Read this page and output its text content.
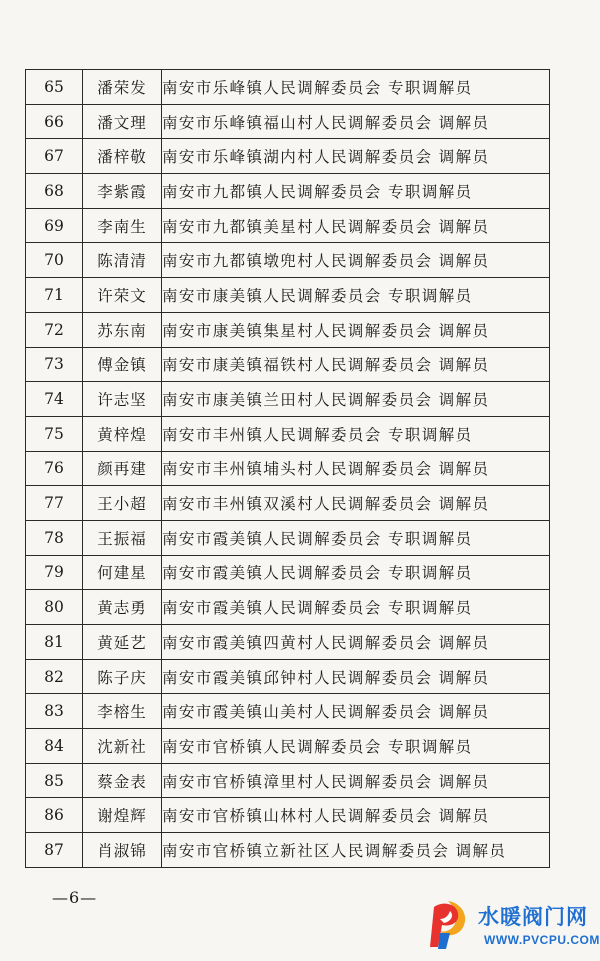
65	潘荣发	南安市乐峰镇人民调解委员会 专职调解员
66	潘文理	南安市乐峰镇福山村人民调解委员会 调解员
67	潘梓敬	南安市乐峰镇湖内村人民调解委员会 调解员
68	李紫霞	南安市九都镇人民调解委员会 专职调解员
69	李南生	南安市九都镇美星村人民调解委员会 调解员
70	陈清清	南安市九都镇墩兜村人民调解委员会 调解员
71	许荣文	南安市康美镇人民调解委员会 专职调解员
72	苏东南	南安市康美镇集星村人民调解委员会 调解员
73	傅金镇	南安市康美镇福铁村人民调解委员会 调解员
74	许志坚	南安市康美镇兰田村人民调解委员会 调解员
75	黄梓煌	南安市丰州镇人民调解委员会 专职调解员
76	颜再建	南安市丰州镇埔头村人民调解委员会 调解员
77	王小超	南安市丰州镇双溪村人民调解委员会 调解员
78	王振福	南安市霞美镇人民调解委员会 专职调解员
79	何建星	南安市霞美镇人民调解委员会 专职调解员
80	黄志勇	南安市霞美镇人民调解委员会 专职调解员
81	黄延艺	南安市霞美镇四黄村人民调解委员会 调解员
82	陈子庆	南安市霞美镇邱钟村人民调解委员会 调解员
83	李榕生	南安市霞美镇山美村人民调解委员会 调解员
84	沈新社	南安市官桥镇人民调解委员会 专职调解员
85	蔡金表	南安市官桥镇漳里村人民调解委员会 调解员
86	谢煌辉	南安市官桥镇山林村人民调解委员会 调解员
87	肖淑锦	南安市官桥镇立新社区人民调解委员会 调解员
—6—
水暖阀门网
WWW.PVCPU.COM
